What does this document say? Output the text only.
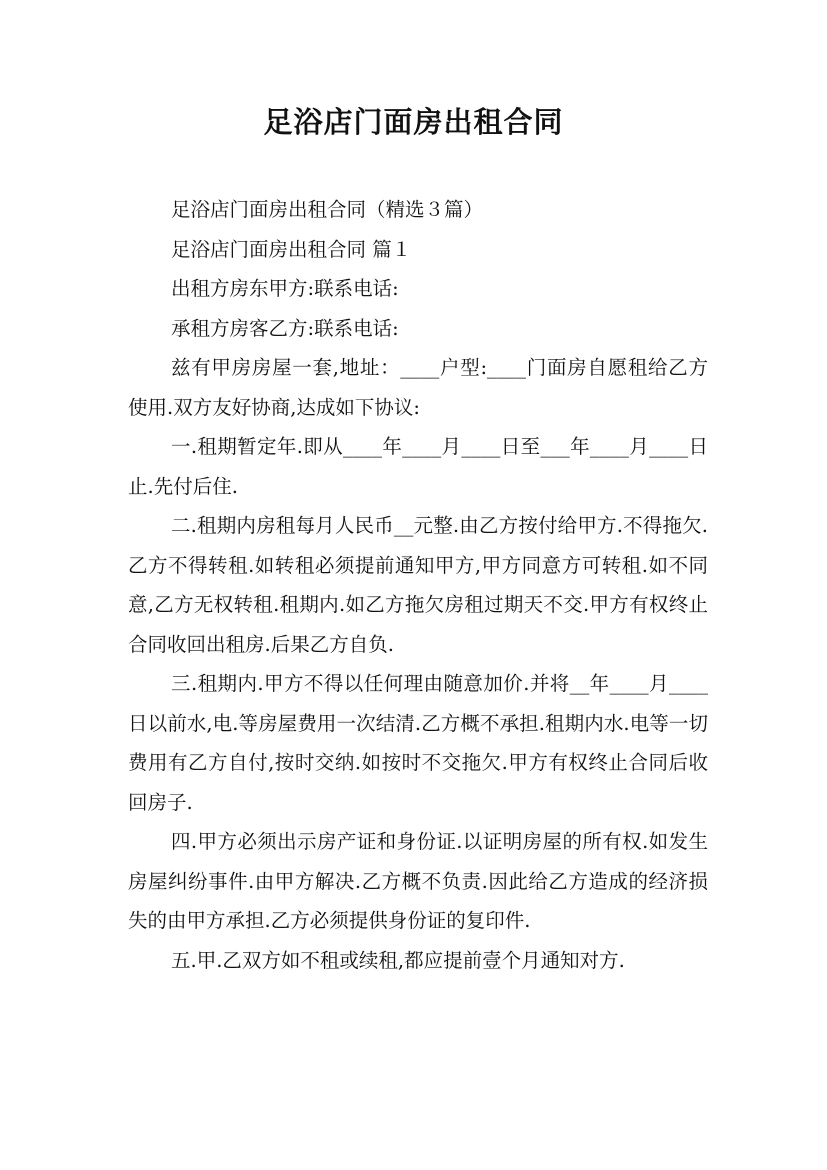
足浴店门面房出租合同

足浴店门面房出租合同（精选３篇）

足浴店门面房出租合同 篇１

出租方房东甲方:联系电话:

承租方房客乙方:联系电话:

兹有甲房房屋一套,地址：____户型:____门面房自愿租给乙方使用.双方友好协商,达成如下协议:

一.租期暂定年.即从____年____月____日至___年____月____日止.先付后住.

二.租期内房租每月人民币__元整.由乙方按付给甲方.不得拖欠.乙方不得转租.如转租必须提前通知甲方,甲方同意方可转租.如不同意,乙方无权转租.租期内.如乙方拖欠房租过期天不交.甲方有权终止合同收回出租房.后果乙方自负.

三.租期内.甲方不得以任何理由随意加价.并将__年____月____日以前水,电.等房屋费用一次结清.乙方概不承担.租期内水.电等一切费用有乙方自付,按时交纳.如按时不交拖欠.甲方有权终止合同后收回房子.

四.甲方必须出示房产证和身份证.以证明房屋的所有权.如发生房屋纠纷事件.由甲方解决.乙方概不负责.因此给乙方造成的经济损失的由甲方承担.乙方必须提供身份证的复印件.

五.甲.乙双方如不租或续租,都应提前壹个月通知对方.
